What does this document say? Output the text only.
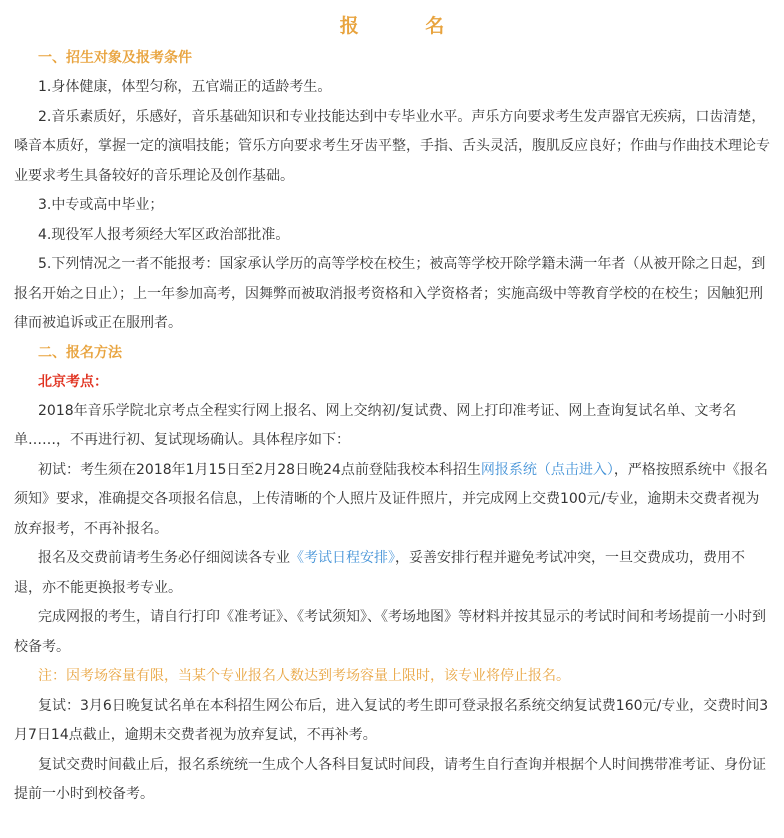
报 名
一、招生对象及报考条件

1.身体健康，体型匀称，五官端正的适龄考生。

2.音乐素质好，乐感好，音乐基础知识和专业技能达到中专毕业水平。声乐方向要求考生发声器官无疾病，口齿清楚，嗓音本质好，掌握一定的演唱技能；管乐方向要求考生牙齿平整，手指、舌头灵活，腹肌反应良好；作曲与作曲技术理论专业要求考生具备较好的音乐理论及创作基础。

3.中专或高中毕业；

4.现役军人报考须经大军区政治部批准。

5.下列情况之一者不能报考：国家承认学历的高等学校在校生；被高等学校开除学籍未满一年者（从被开除之日起，到报名开始之日止）；上一年参加高考，因舞弊而被取消报考资格和入学资格者；实施高级中等教育学校的在校生；因触犯刑律而被追诉或正在服刑者。

二、报名方法
北京考点：

2018年音乐学院北京考点全程实行网上报名、网上交纳初/复试费、网上打印准考证、网上查询复试名单、文考名单……，不再进行初、复试现场确认。具体程序如下：

初试：考生须在2018年1月15日至2月28日晚24点前登陆我校本科招生网报系统（点击进入），严格按照系统中《报名须知》要求，准确提交各项报名信息，上传清晰的个人照片及证件照片，并完成网上交费100元/专业，逾期未交费者视为放弃报考，不再补报名。

报名及交费前请考生务必仔细阅读各专业《考试日程安排》，妥善安排行程并避免考试冲突，一旦交费成功，费用不退，亦不能更换报考专业。

完成网报的考生，请自行打印《准考证》、《考试须知》、《考场地图》等材料并按其显示的考试时间和考场提前一小时到校备考。

注：因考场容量有限，当某个专业报名人数达到考场容量上限时，该专业将停止报名。

复试：3月6日晚复试名单在本科招生网公布后，进入复试的考生即可登录报名系统交纳复试费160元/专业，交费时间3月7日14点截止，逾期未交费者视为放弃复试，不再补考。

复试交费时间截止后，报名系统统一生成个人各科目复试时间段，请考生自行查询并根据个人时间携带准考证、身份证提前一小时到校备考。
